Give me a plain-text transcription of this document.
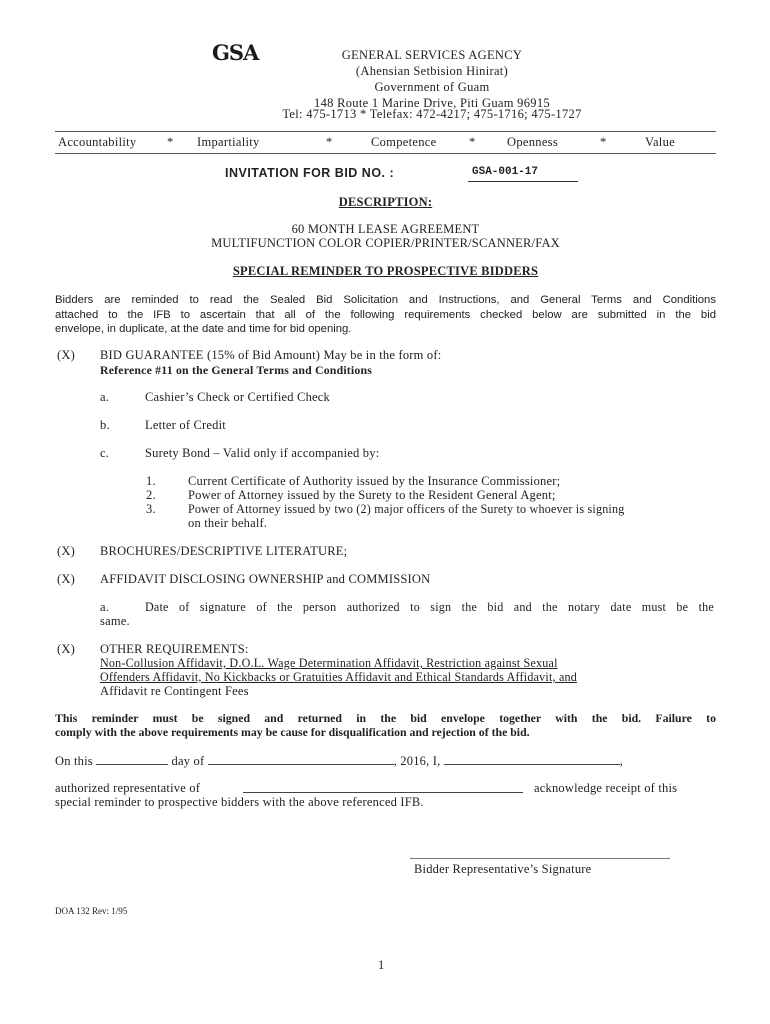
GSA	GENERAL SERVICES AGENCY
(Ahensian Setbision Hinirat)
Government of Guam
148 Route 1 Marine Drive, Piti Guam 96915
Tel: 475-1713 * Telefax: 472-4217; 475-1716; 475-1727
Accountability * Impartiality	*	Competence	*	Openness	*	Value
INVITATION FOR BID NO. :	GSA-001-17
DESCRIPTION:
60 MONTH LEASE AGREEMENT
MULTIFUNCTION COLOR COPIER/PRINTER/SCANNER/FAX
SPECIAL REMINDER TO PROSPECTIVE BIDDERS
Bidders are reminded to read the Sealed Bid Solicitation and Instructions, and General Terms and Conditions
attached to the IFB to ascertain that all of the following requirements checked below are submitted in the bid
envelope, in duplicate, at the date and time for bid opening.
(X) BID GUARANTEE (15% of Bid Amount) May be in the form of:
Reference #11 on the General Terms and Conditions
a.	Cashier’s Check or Certified Check
b.	Letter of Credit
c.	Surety Bond – Valid only if accompanied by:
1.	Current Certificate of Authority issued by the Insurance Commissioner;
2.	Power of Attorney issued by the Surety to the Resident General Agent;
3.	Power of Attorney issued by two (2) major officers of the Surety to whoever is signing
on their behalf.
(X) BROCHURES/DESCRIPTIVE LITERATURE;
(X) AFFIDAVIT DISCLOSING OWNERSHIP and COMMISSION
a.	Date of signature of the person authorized to sign the bid and the notary date must be the
same.
(X) OTHER REQUIREMENTS:
Non-Collusion Affidavit, D.O.L. Wage Determination Affidavit, Restriction against Sexual
Offenders Affidavit, No Kickbacks or Gratuities Affidavit and Ethical Standards Affidavit, and
Affidavit re Contingent Fees
This reminder must be signed and returned in the bid envelope together with the bid. Failure to
comply with the above requirements may be cause for disqualification and rejection of the bid.
On this	day of	, 2016, I,	,
authorized representative of	acknowledge receipt of this
special reminder to prospective bidders with the above referenced IFB.
Bidder Representative’s Signature
DOA 132 Rev: 1/95
1
